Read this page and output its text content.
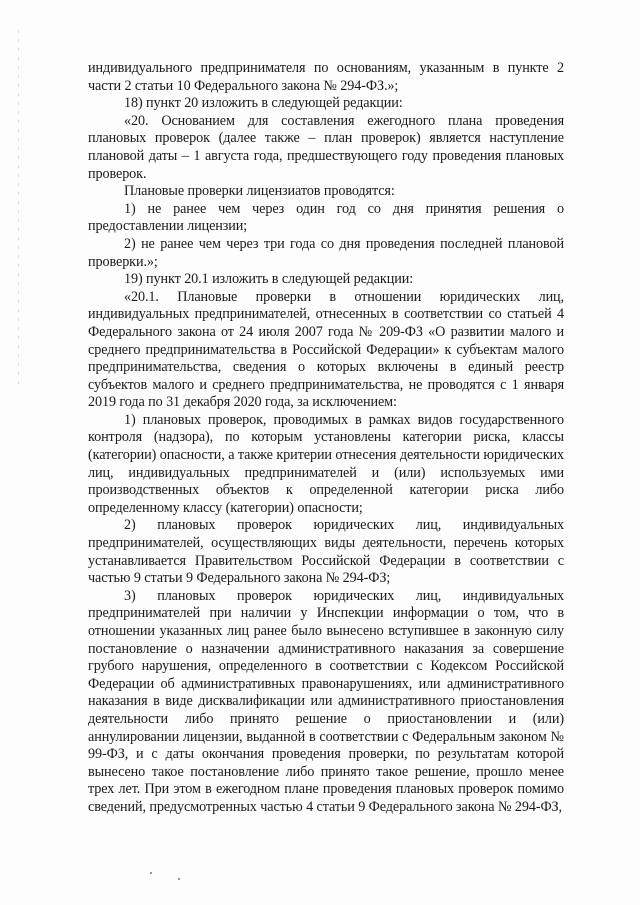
индивидуального предпринимателя по основаниям, указанным в пункте 2 части 2 статьи 10 Федерального закона № 294-ФЗ.»;

18) пункт 20 изложить в следующей редакции:

«20. Основанием для составления ежегодного плана проведения плановых проверок (далее также – план проверок) является наступление плановой даты – 1 августа года, предшествующего году проведения плановых проверок.

Плановые проверки лицензиатов проводятся:

1) не ранее чем через один год со дня принятия решения о предоставлении лицензии;

2) не ранее чем через три года со дня проведения последней плановой проверки.»;

19) пункт 20.1 изложить в следующей редакции:

«20.1. Плановые проверки в отношении юридических лиц, индивидуальных предпринимателей, отнесенных в соответствии со статьей 4 Федерального закона от 24 июля 2007 года № 209-ФЗ «О развитии малого и среднего предпринимательства в Российской Федерации» к субъектам малого предпринимательства, сведения о которых включены в единый реестр субъектов малого и среднего предпринимательства, не проводятся с 1 января 2019 года по 31 декабря 2020 года, за исключением:

1) плановых проверок, проводимых в рамках видов государственного контроля (надзора), по которым установлены категории риска, классы (категории) опасности, а также критерии отнесения деятельности юридических лиц, индивидуальных предпринимателей и (или) используемых ими производственных объектов к определенной категории риска либо определенному классу (категории) опасности;

2) плановых проверок юридических лиц, индивидуальных предпринимателей, осуществляющих виды деятельности, перечень которых устанавливается Правительством Российской Федерации в соответствии с частью 9 статьи 9 Федерального закона № 294-ФЗ;

3) плановых проверок юридических лиц, индивидуальных предпринимателей при наличии у Инспекции информации о том, что в отношении указанных лиц ранее было вынесено вступившее в законную силу постановление о назначении административного наказания за совершение грубого нарушения, определенного в соответствии с Кодексом Российской Федерации об административных правонарушениях, или административного наказания в виде дисквалификации или административного приостановления деятельности либо принято решение о приостановлении и (или) аннулировании лицензии, выданной в соответствии с Федеральным законом № 99-ФЗ, и с даты окончания проведения проверки, по результатам которой вынесено такое постановление либо принято такое решение, прошло менее трех лет. При этом в ежегодном плане проведения плановых проверок помимо сведений, предусмотренных частью 4 статьи 9 Федерального закона № 294-ФЗ,
